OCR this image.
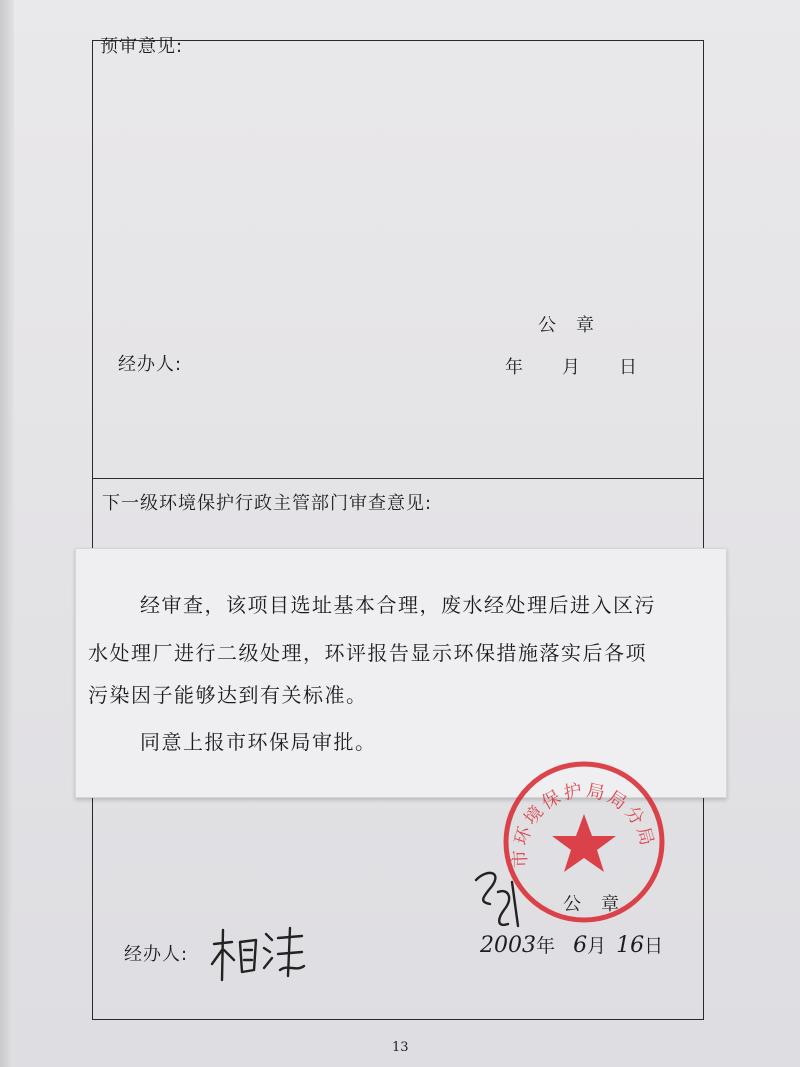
预审意见:
公　章
年　　月　　日
经办人:
下一级环境保护行政主管部门审查意见:
经审查，该项目选址基本合理，废水经处理后进入区污
水处理厂进行二级处理，环评报告显示环保措施落实后各项
污染因子能够达到有关标准。
同意上报市环保局审批。
市环境保护局局分局
公　章
2003年 6月 16日
经办人:
13
